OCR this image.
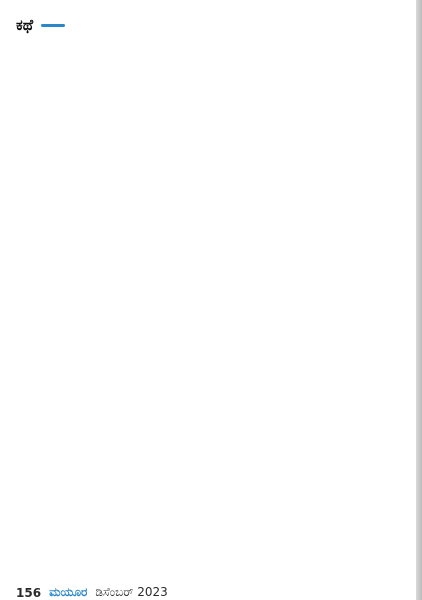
ಕಥೆ
156 ಮಯೂರ ಡಿಸೆಂಬರ್ 2023
